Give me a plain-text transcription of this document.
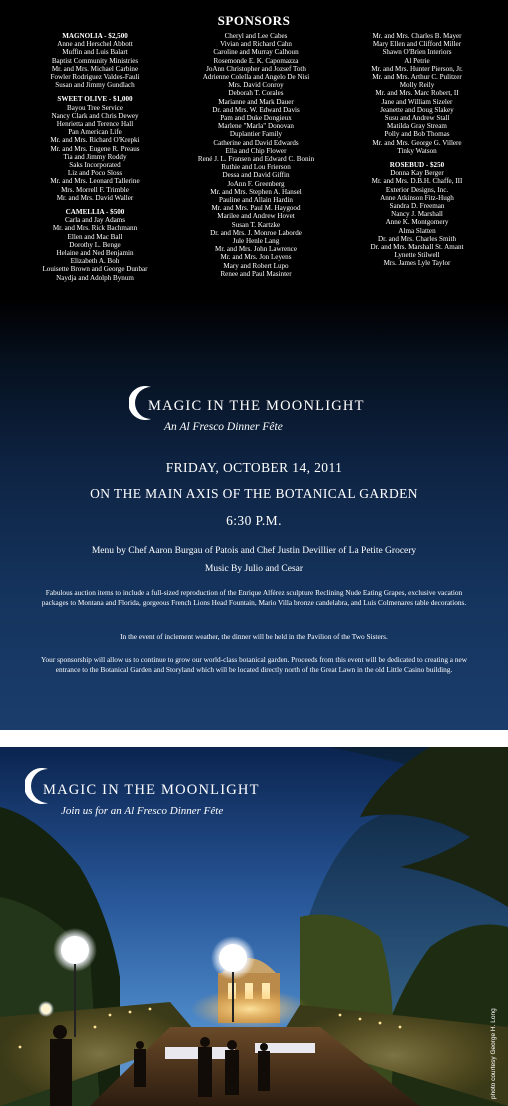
SPONSORS
MAGNOLIA - $2,500
Anne and Herschel Abbott
Muffin and Luis Balart
Baptist Community Ministries
Mr. and Mrs. Michael Carbine
Fowler Rodriguez Valdes-Fauli
Susan and Jimmy Gundlach
SWEET OLIVE - $1,000
Bayou Tree Service
Nancy Clark and Chris Dewey
Henrietta and Terence Hall
Pan American Life
Mr. and Mrs. Richard O'Krepki
Mr. and Mrs. Eugene R. Preaus
Tia and Jimmy Roddy
Saks Incorporated
Liz and Poco Sloss
Mr. and Mrs. Leonard Tallerine
Mrs. Morrell F. Trimble
Mr. and Mrs. David Waller
CAMELLIA - $500
Carla and Jay Adams
Mr. and Mrs. Rick Bachmann
Ellen and Mac Ball
Dorothy L. Benge
Helaine and Ned Benjamin
Elizabeth A. Boh
Louisette Brown and George Dunbar
Naydja and Adolph Bynum
Cheryl and Lee Cabes
Vivian and Richard Cahn
Caroline and Murray Calhoun
Rosemonde E. K. Capomazza
JoAnn Christopher and Jozsef Toth
Adrienne Colella and Angelo De Nisi
Mrs. David Conroy
Deborah T. Corales
Marianne and Mark Dauer
Dr. and Mrs. W. Edward Davis
Pam and Duke Dongieux
Marlene "Marla" Donovan
Duplantier Family
Catherine and David Edwards
Ella and Chip Flower
René J. L. Fransen and Edward C. Bonin
Ruthie and Lou Frierson
Dessa and David Giffin
JoAnn F. Greenberg
Mr. and Mrs. Stephen A. Hansel
Pauline and Allain Hardin
Mr. and Mrs. Paul M. Haygood
Marilee and Andrew Hovet
Susan T. Kartzke
Dr. and Mrs. J. Monroe Laborde
Jule Henle Lang
Mr. and Mrs. John Lawrence
Mr. and Mrs. Jon Leyens
Mary and Robert Lupo
Renee and Paul Masinter
Mr. and Mrs. Charles B. Mayer
Mary Ellen and Clifford Miller
Shawn O'Brien Interiors
Al Petrie
Mr. and Mrs. Hunter Pierson, Jr.
Mr. and Mrs. Arthur C. Pulitzer
Molly Reily
Mr. and Mrs. Marc Robert, II
Jane and William Sizeler
Jeanette and Doug Slakey
Susu and Andrew Stall
Matilda Gray Stream
Polly and Bob Thomas
Mr. and Mrs. George G. Villere
Tinky Watson
ROSEBUD - $250
Donna Kay Berger
Mr. and Mrs. D.B.H. Chaffe, III
Exterior Designs, Inc.
Anne Atkinson Fitz-Hugh
Sandra D. Freeman
Nancy J. Marshall
Anne K. Montgomery
Alma Slatten
Dr. and Mrs. Charles Smith
Dr. and Mrs. Marshall St. Amant
Lynette Stilwell
Mrs. James Lyle Taylor
MAGIC IN THE MOONLIGHT
An Al Fresco Dinner Fête
FRIDAY, OCTOBER 14, 2011
ON THE MAIN AXIS OF THE BOTANICAL GARDEN
6:30 P.M.
Menu by Chef Aaron Burgau of Patois and Chef Justin Devillier of La Petite Grocery
Music By Julio and Cesar
Fabulous auction items to include a full-sized reproduction of the Enrique Alférez sculpture Reclining Nude Eating Grapes, exclusive vacation packages to Montana and Florida, gorgeous French Lions Head Fountain, Mario Villa bronze candelabra, and Luis Colmenares table decorations.
In the event of inclement weather, the dinner will be held in the Pavilion of the Two Sisters.
Your sponsorship will allow us to continue to grow our world-class botanical garden. Proceeds from this event will be dedicated to creating a new entrance to the Botanical Garden and Storyland which will be located directly north of the Great Lawn in the old Little Casino building.
MAGIC IN THE MOONLIGHT
Join us for an Al Fresco Dinner Fête
photo courtesy George H. Long
